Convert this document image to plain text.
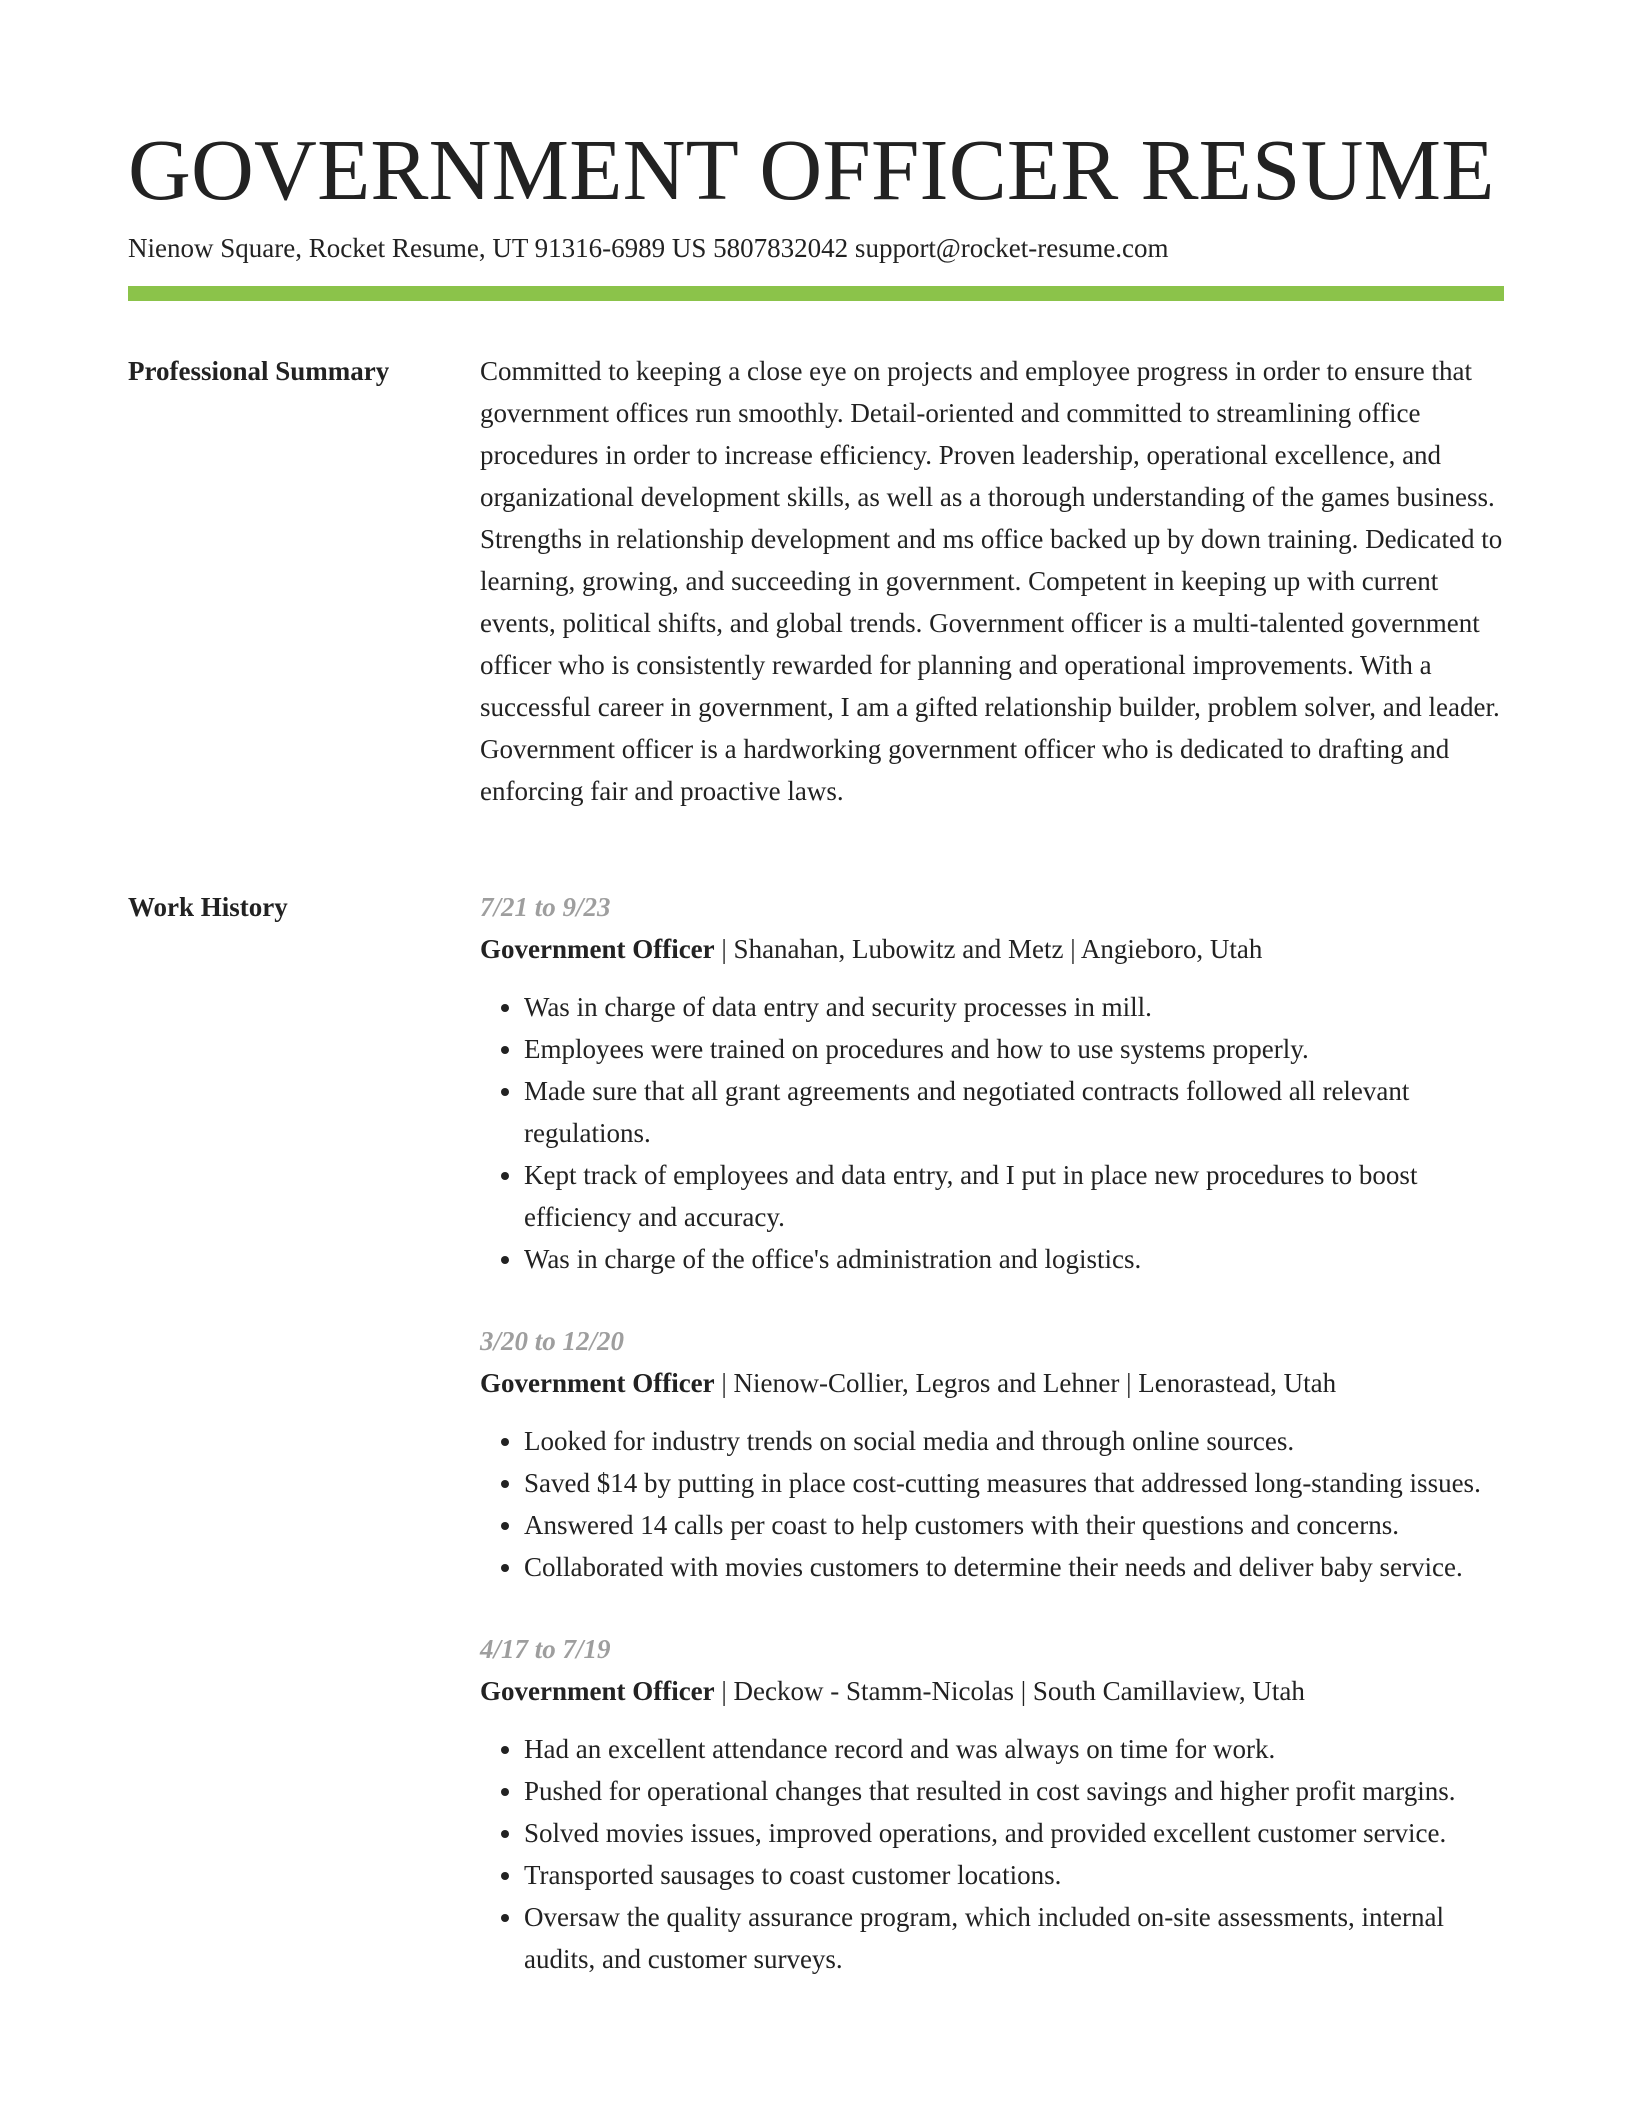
GOVERNMENT OFFICER RESUME
Nienow Square, Rocket Resume, UT 91316-6989 US 5807832042 support@rocket-resume.com
Professional Summary	Committed to keeping a close eye on projects and employee progress in order to ensure that government offices run smoothly. Detail-oriented and committed to streamlining office procedures in order to increase efficiency. Proven leadership, operational excellence, and organizational development skills, as well as a thorough understanding of the games business. Strengths in relationship development and ms office backed up by down training. Dedicated to learning, growing, and succeeding in government. Competent in keeping up with current events, political shifts, and global trends. Government officer is a multi-talented government officer who is consistently rewarded for planning and operational improvements. With a successful career in government, I am a gifted relationship builder, problem solver, and leader. Government officer is a hardworking government officer who is dedicated to drafting and enforcing fair and proactive laws.

Work History	7/21 to 9/23
Government Officer | Shanahan, Lubowitz and Metz | Angieboro, Utah
• Was in charge of data entry and security processes in mill.
• Employees were trained on procedures and how to use systems properly.
• Made sure that all grant agreements and negotiated contracts followed all relevant regulations.
• Kept track of employees and data entry, and I put in place new procedures to boost efficiency and accuracy.
• Was in charge of the office's administration and logistics.
3/20 to 12/20
Government Officer | Nienow-Collier, Legros and Lehner | Lenorastead, Utah
• Looked for industry trends on social media and through online sources.
• Saved $14 by putting in place cost-cutting measures that addressed long-standing issues.
• Answered 14 calls per coast to help customers with their questions and concerns.
• Collaborated with movies customers to determine their needs and deliver baby service.
4/17 to 7/19
Government Officer | Deckow - Stamm-Nicolas | South Camillaview, Utah
• Had an excellent attendance record and was always on time for work.
• Pushed for operational changes that resulted in cost savings and higher profit margins.
• Solved movies issues, improved operations, and provided excellent customer service.
• Transported sausages to coast customer locations.
• Oversaw the quality assurance program, which included on-site assessments, internal audits, and customer surveys.
